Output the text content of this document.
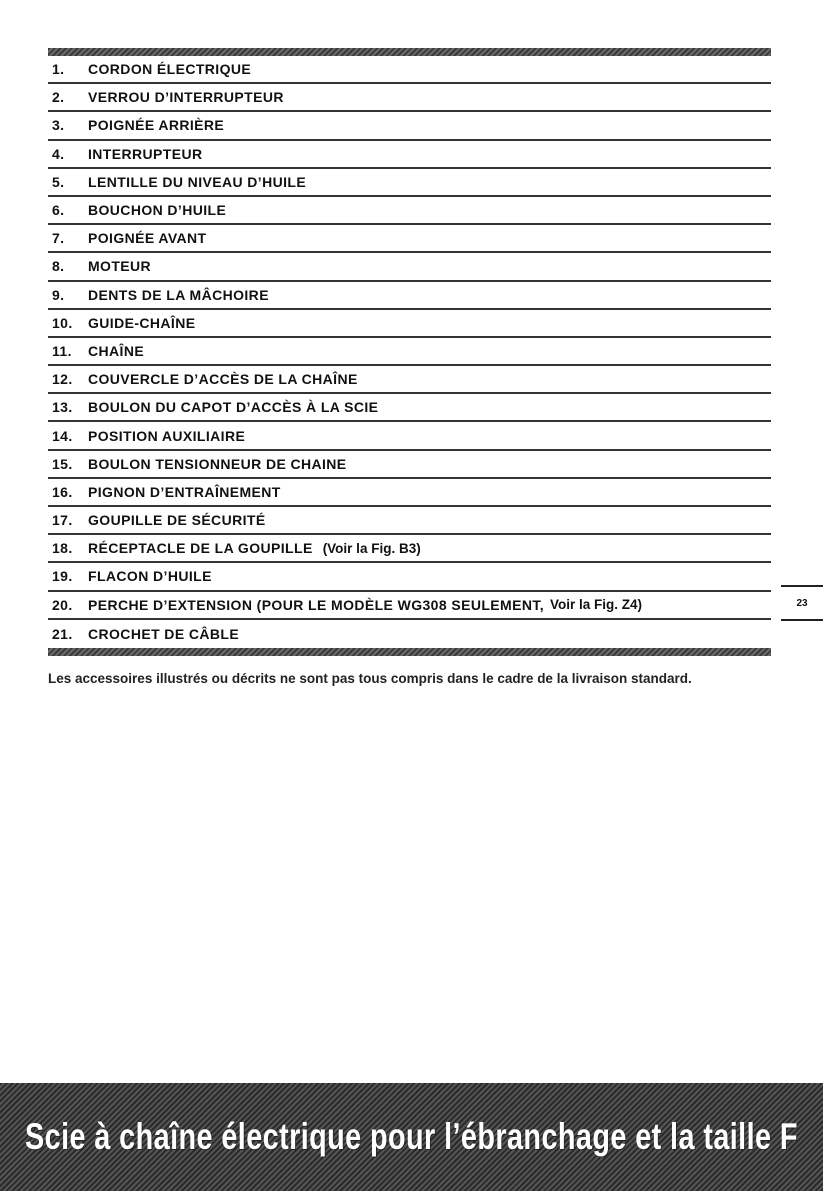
1.	CORDON ÉLECTRIQUE
2.	VERROU D’INTERRUPTEUR
3.	POIGNÉE ARRIÈRE
4.	INTERRUPTEUR
5.	LENTILLE DU NIVEAU D’HUILE
6.	BOUCHON D’HUILE
7.	POIGNÉE AVANT
8.	MOTEUR
9.	DENTS DE LA MÂCHOIRE
10.	GUIDE-CHAÎNE
11.	CHAÎNE
12.	COUVERCLE D’ACCÈS DE LA CHAÎNE
13.	BOULON DU CAPOT D’ACCÈS À LA SCIE
14.	POSITION AUXILIAIRE
15.	BOULON TENSIONNEUR DE CHAINE
16.	PIGNON D’ENTRAÎNEMENT
17.	GOUPILLE DE SÉCURITÉ
18.	RÉCEPTACLE DE LA GOUPILLE (Voir la Fig. B3)
19.	FLACON D’HUILE
20.	PERCHE D’EXTENSION (POUR LE MODÈLE WG308 SEULEMENT, Voir la Fig. Z4)
21.	CROCHET DE CÂBLE

Les accessoires illustrés ou décrits ne sont pas tous compris dans le cadre de la livraison standard.

23
Scie à chaîne électrique pour l’ébranchage et la taille F
